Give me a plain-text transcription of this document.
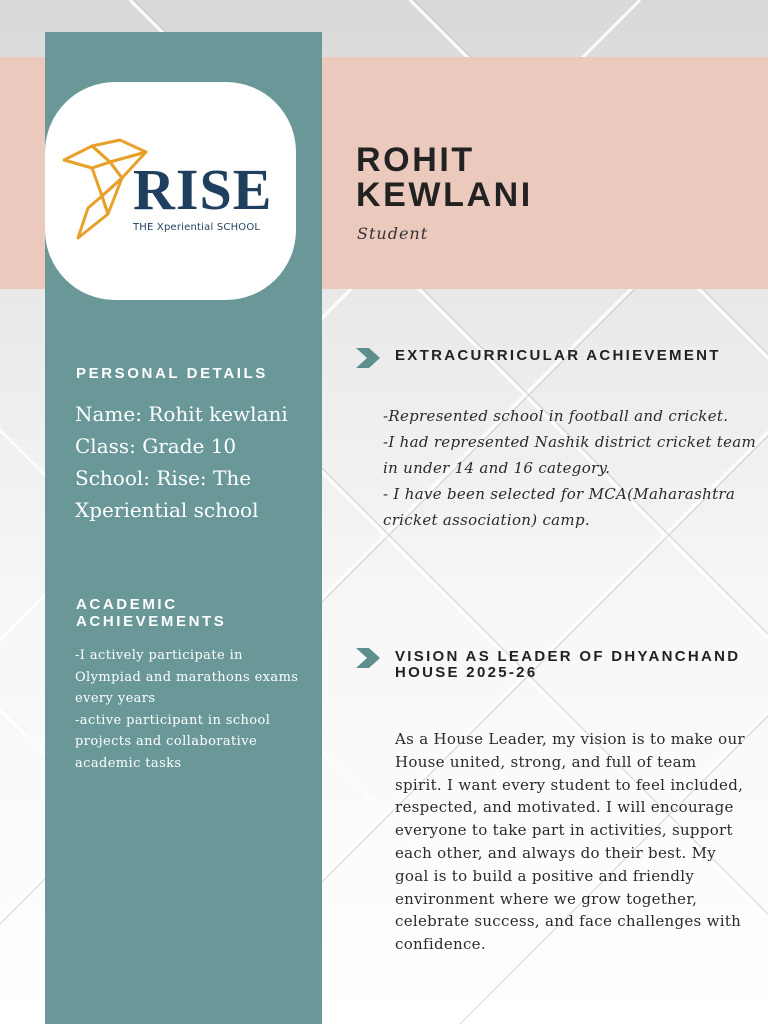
RISE
THE Xperiential SCHOOL
PERSONAL DETAILS
Name: Rohit kewlani
Class: Grade 10
School: Rise: The Xperiential school
ACADEMIC ACHIEVEMENTS
-I actively participate in Olympiad and marathons exams every years
-active participant in school projects and collaborative academic tasks
ROHIT
KEWLANI
Student
EXTRACURRICULAR ACHIEVEMENT
-Represented school in football and cricket.
-I had represented Nashik district cricket team in under 14 and 16 category.
- I have been selected for MCA(Maharashtra cricket association) camp.
VISION AS LEADER OF DHYANCHAND HOUSE 2025-26
As a House Leader, my vision is to make our House united, strong, and full of team spirit. I want every student to feel included, respected, and motivated. I will encourage everyone to take part in activities, support each other, and always do their best. My goal is to build a positive and friendly environment where we grow together, celebrate success, and face challenges with confidence.
